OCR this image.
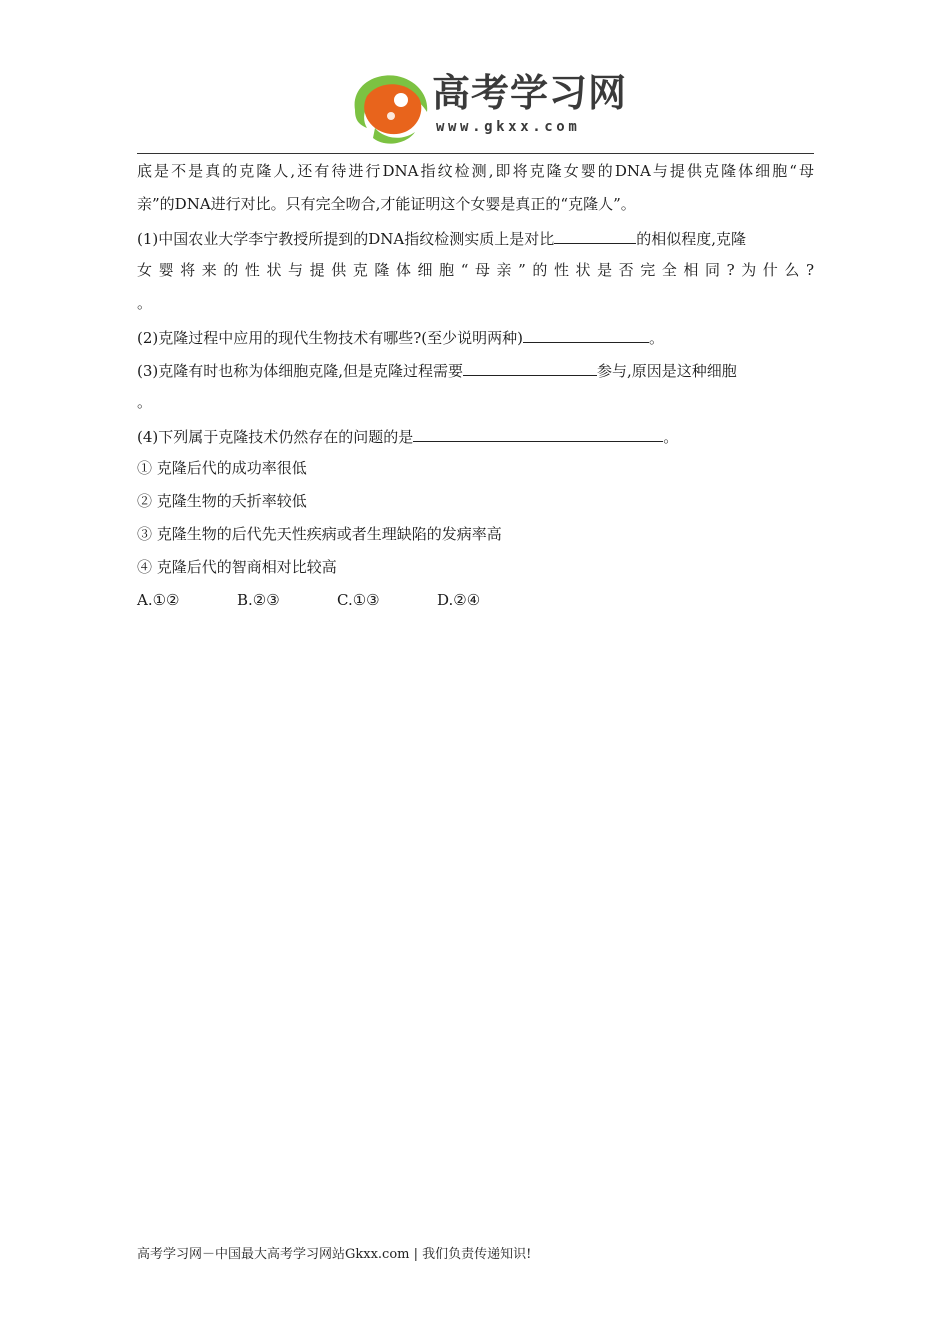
高考学习网
www.gkxx.com
底是不是真的克隆人,还有待进行DNA指纹检测,即将克隆女婴的DNA与提供克隆体细胞“母
亲”的DNA进行对比。只有完全吻合,才能证明这个女婴是真正的“克隆人”。
(1)中国农业大学李宁教授所提到的DNA指纹检测实质上是对比	的相似程度,克隆
女婴将来的性状与提供克隆体细胞“母亲”的性状是否完全相同?为什么?
。
(2)克隆过程中应用的现代生物技术有哪些?(至少说明两种)	。
(3)克隆有时也称为体细胞克隆,但是克隆过程需要	参与,原因是这种细胞
。
(4)下列属于克隆技术仍然存在的问题的是	。
① 克隆后代的成功率很低
② 克隆生物的夭折率较低
③ 克隆生物的后代先天性疾病或者生理缺陷的发病率高
④ 克隆后代的智商相对比较高
A.①②	B.②③	C.①③	D.②④
高考学习网－中国最大高考学习网站Gkxx.com | 我们负责传递知识!
